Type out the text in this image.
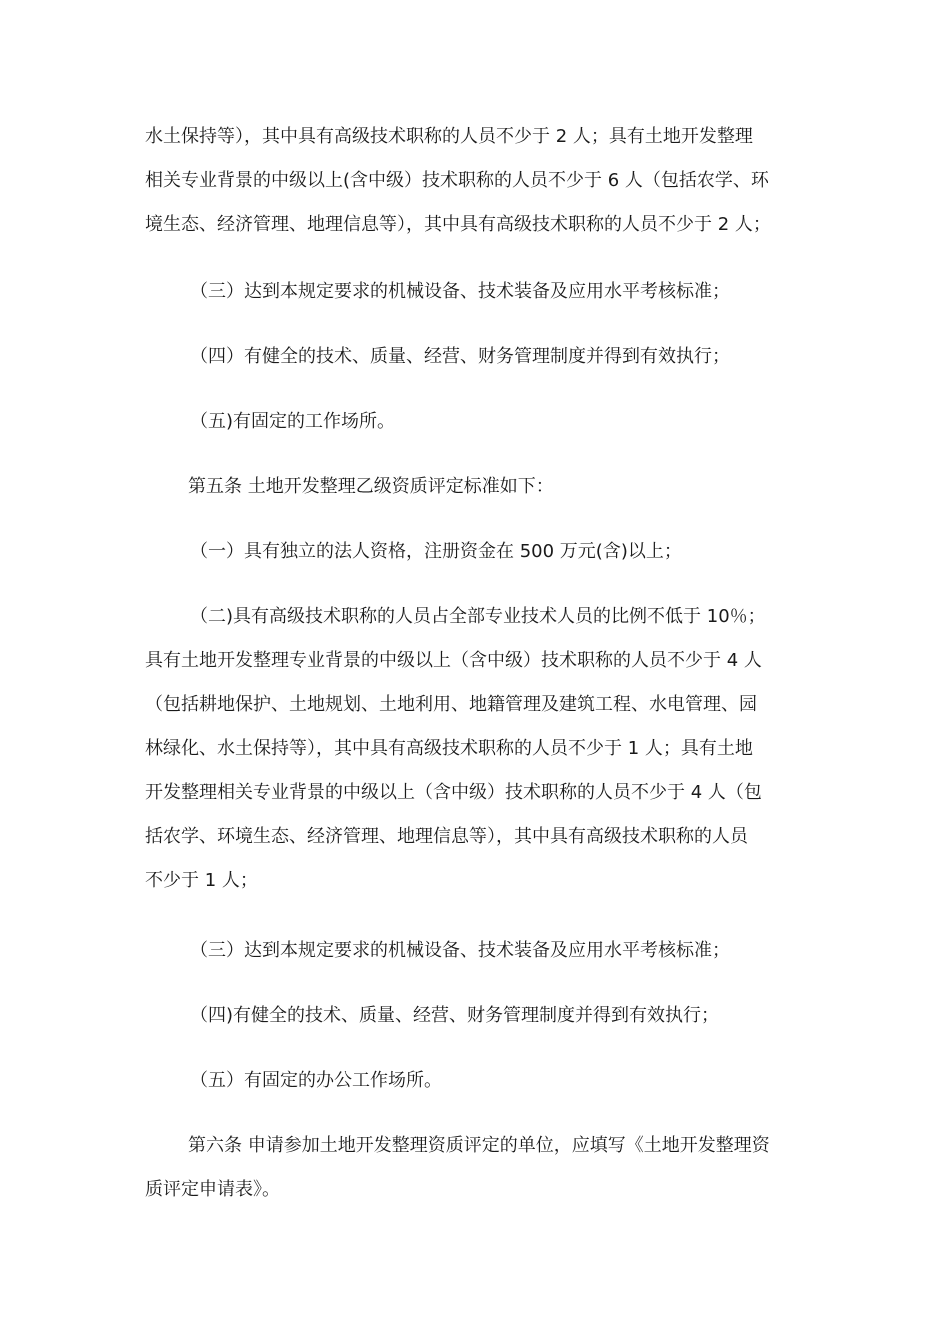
水土保持等），其中具有高级技术职称的人员不少于 2 人；具有土地开发整理
相关专业背景的中级以上(含中级）技术职称的人员不少于 6 人（包括农学、环
境生态、经济管理、地理信息等），其中具有高级技术职称的人员不少于 2 人；
（三）达到本规定要求的机械设备、技术装备及应用水平考核标准；
（四）有健全的技术、质量、经营、财务管理制度并得到有效执行；
（五)有固定的工作场所。
第五条 土地开发整理乙级资质评定标准如下：
（一）具有独立的法人资格，注册资金在 500 万元(含)以上；
（二)具有高级技术职称的人员占全部专业技术人员的比例不低于 10％；
具有土地开发整理专业背景的中级以上（含中级）技术职称的人员不少于 4 人
（包括耕地保护、土地规划、土地利用、地籍管理及建筑工程、水电管理、园
林绿化、水土保持等），其中具有高级技术职称的人员不少于 1 人；具有土地
开发整理相关专业背景的中级以上（含中级）技术职称的人员不少于 4 人（包
括农学、环境生态、经济管理、地理信息等），其中具有高级技术职称的人员
不少于 1 人；
（三）达到本规定要求的机械设备、技术装备及应用水平考核标准；
（四)有健全的技术、质量、经营、财务管理制度并得到有效执行；
（五）有固定的办公工作场所。
第六条 申请参加土地开发整理资质评定的单位，应填写《土地开发整理资
质评定申请表》。
